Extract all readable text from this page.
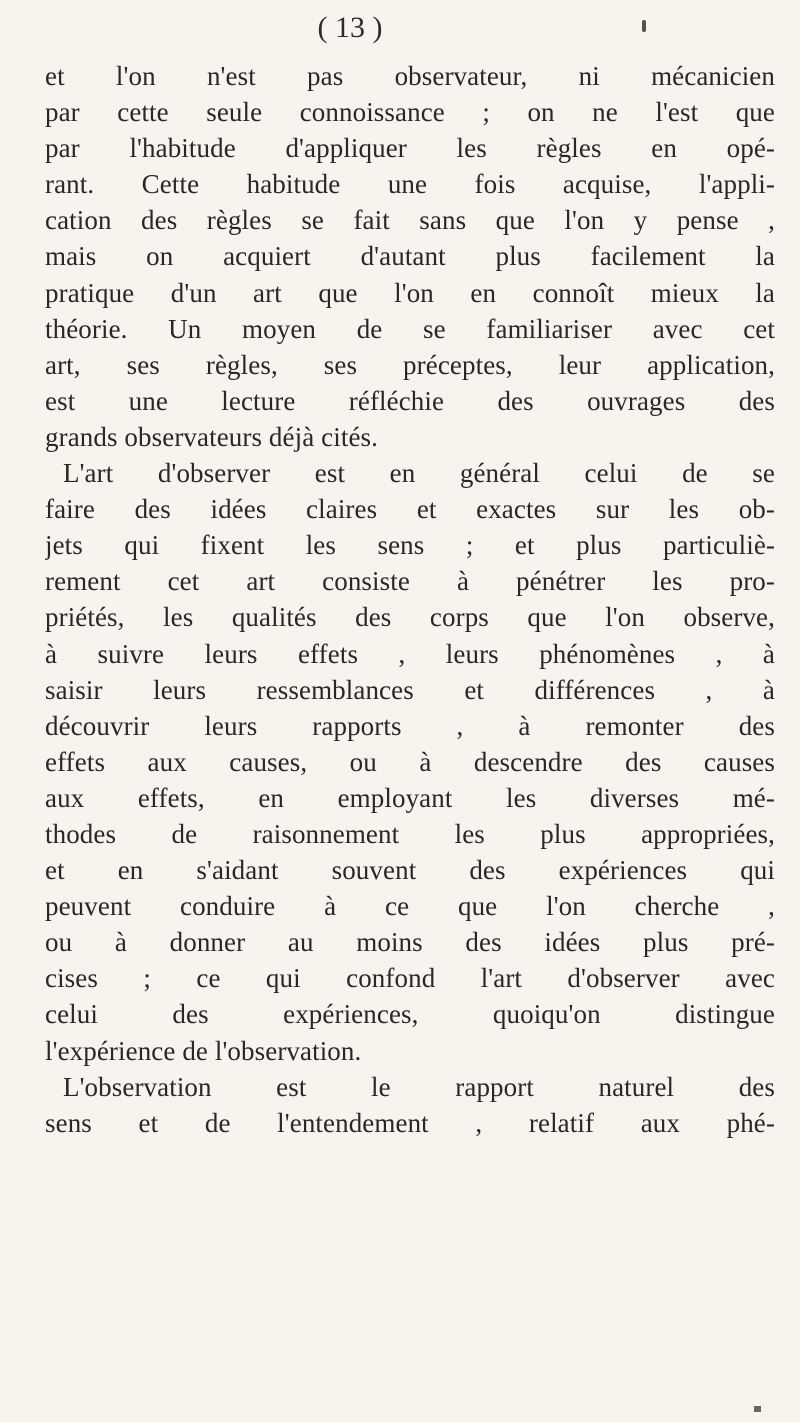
( 13 )
et l'on n'est pas observateur, ni mécanicien
par cette seule connoissance ; on ne l'est que
par l'habitude d'appliquer les règles en opé-
rant. Cette habitude une fois acquise, l'appli-
cation des règles se fait sans que l'on y pense ,
mais on acquiert d'autant plus facilement la
pratique d'un art que l'on en connoît mieux la
théorie. Un moyen de se familiariser avec cet
art, ses règles, ses préceptes, leur application,
est une lecture réfléchie des ouvrages des
grands observateurs déjà cités.
L'art d'observer est en général celui de se
faire des idées claires et exactes sur les ob-
jets qui fixent les sens ; et plus particuliè-
rement cet art consiste à pénétrer les pro-
priétés, les qualités des corps que l'on observe,
à suivre leurs effets , leurs phénomènes , à
saisir leurs ressemblances et différences , à
découvrir leurs rapports , à remonter des
effets aux causes, ou à descendre des causes
aux effets, en employant les diverses mé-
thodes de raisonnement les plus appropriées,
et en s'aidant souvent des expériences qui
peuvent conduire à ce que l'on cherche ,
ou à donner au moins des idées plus pré-
cises ; ce qui confond l'art d'observer avec
celui des expériences, quoiqu'on distingue
l'expérience de l'observation.
L'observation est le rapport naturel des
sens et de l'entendement , relatif aux phé-
